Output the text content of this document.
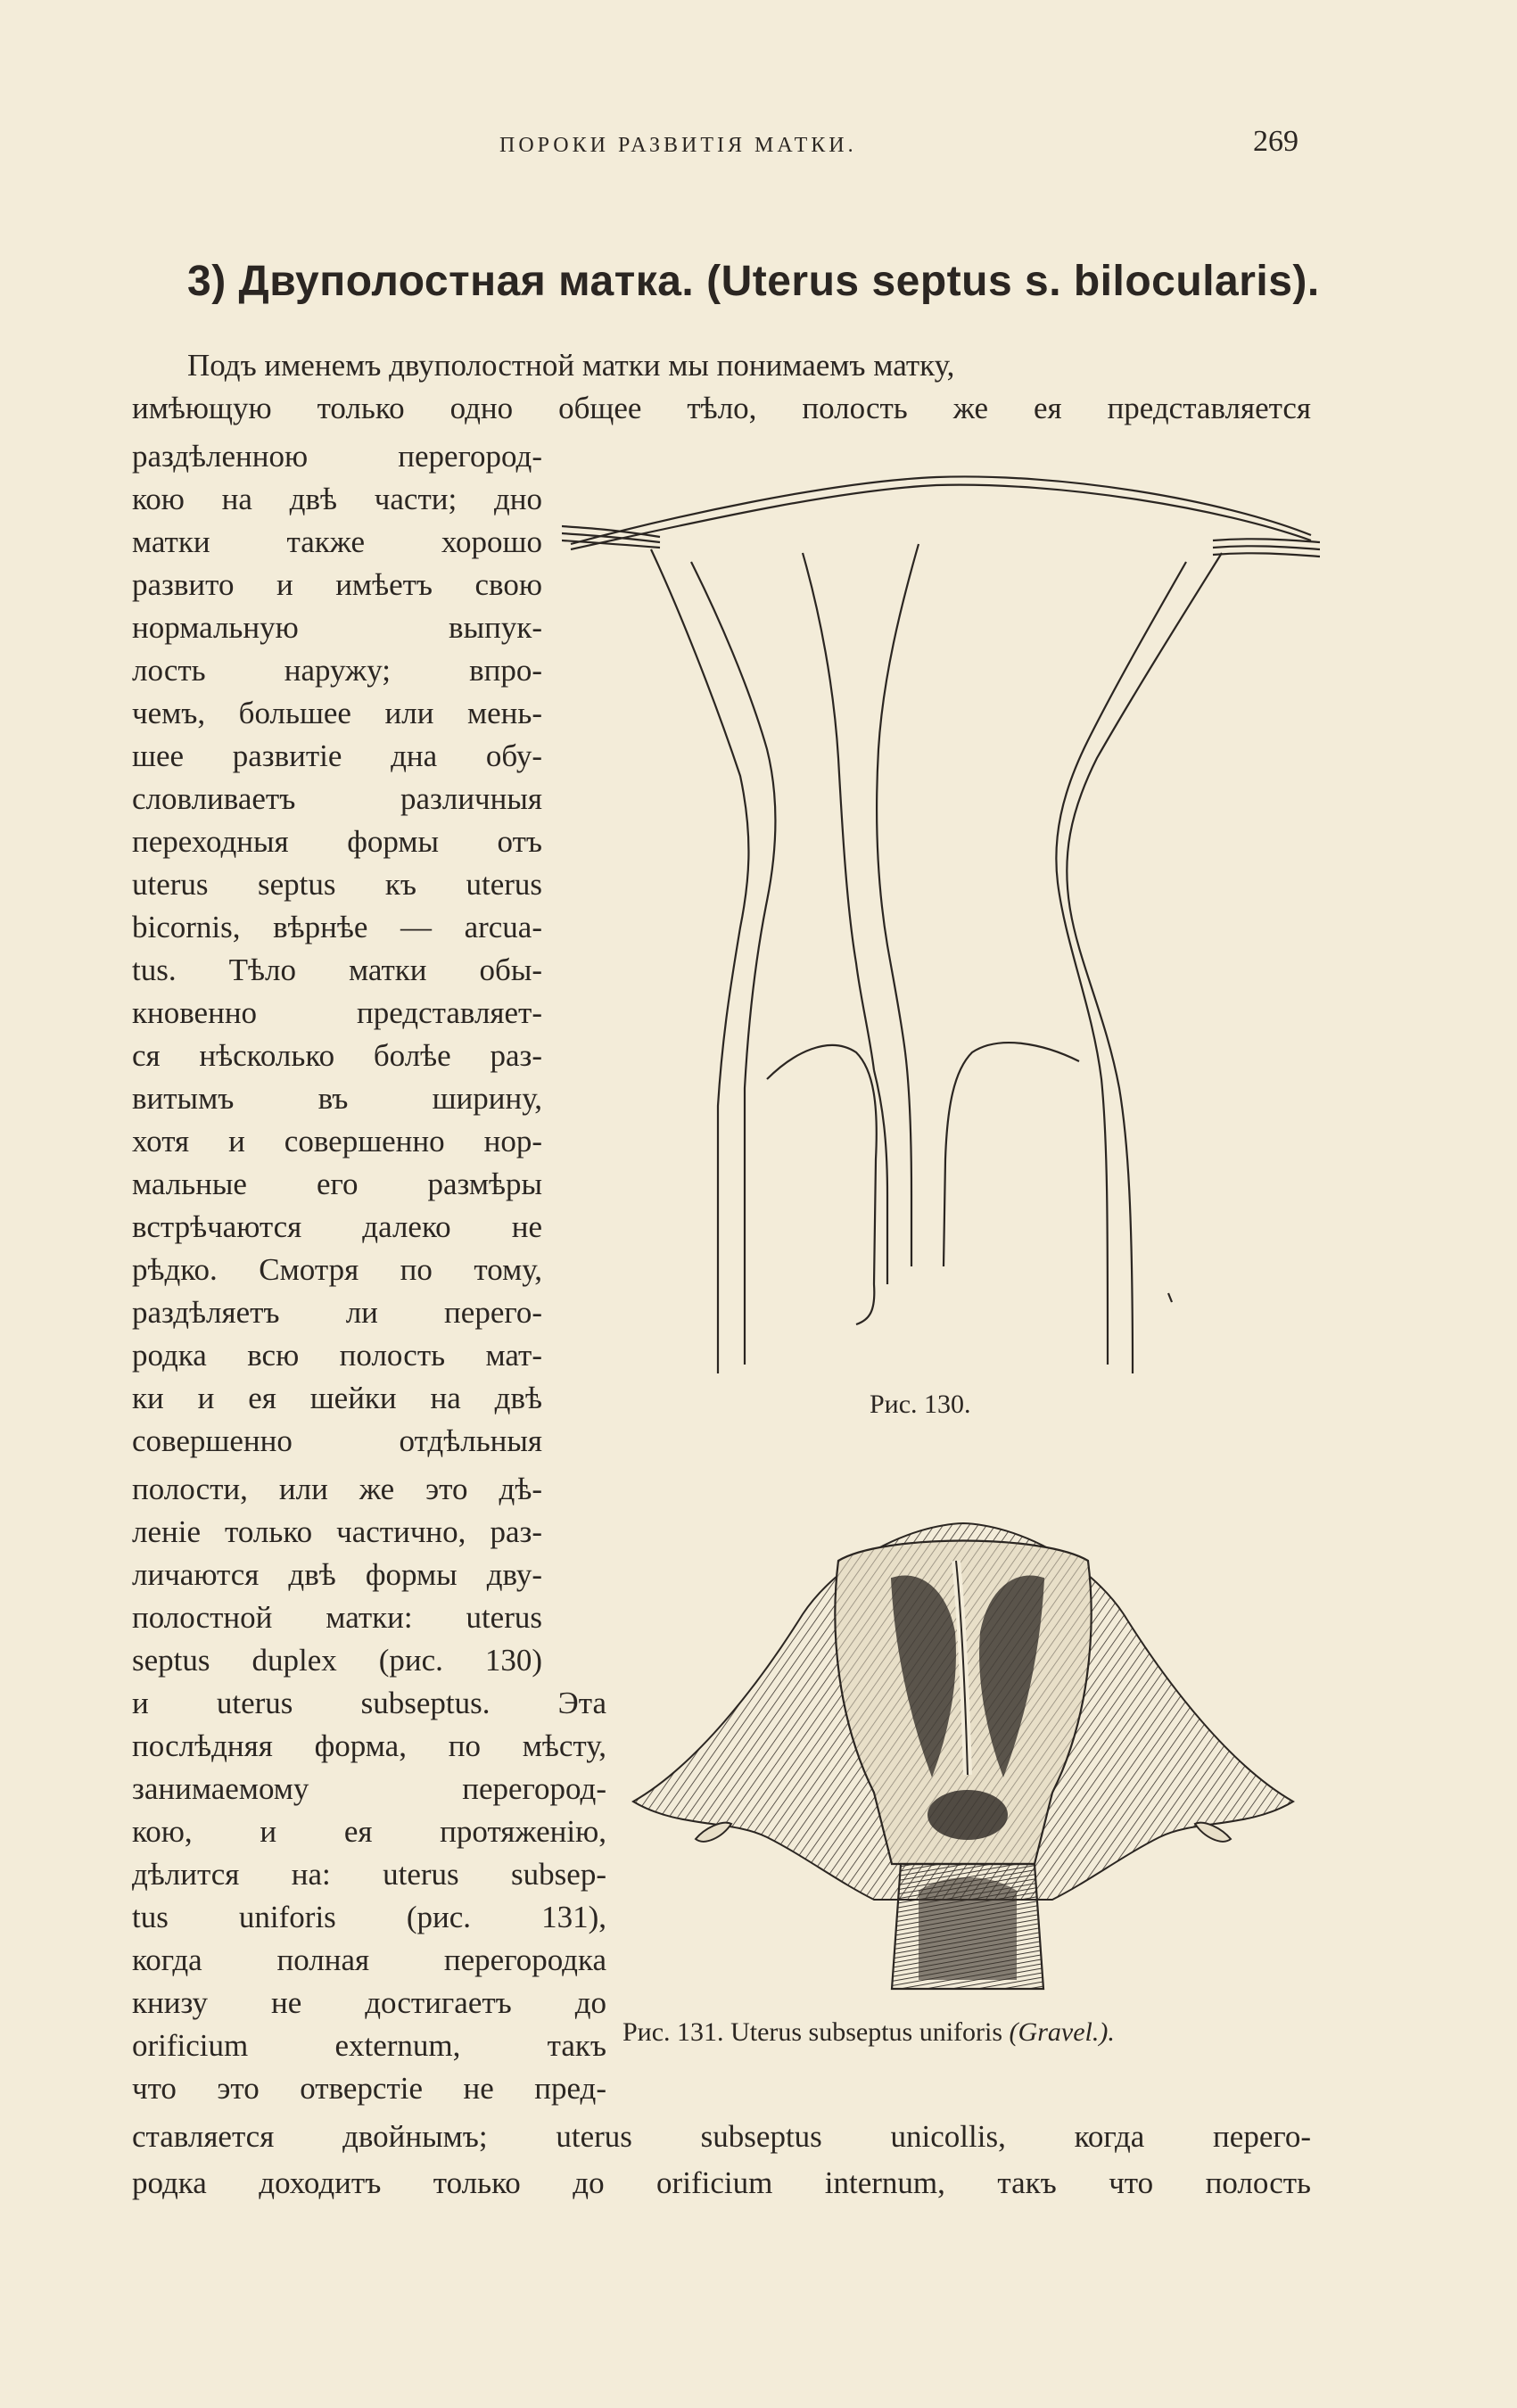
ПОРОКИ РАЗВИТІЯ МАТКИ.	269
3) Двуполостная матка. (Uterus septus s. bilocularis).
Подъ именемъ двуполостной матки мы понимаемъ матку,
имѣющую только одно общее тѣло, полость же ея представляется
раздѣленною перегород-
кою на двѣ части; дно
матки также хорошо
развито и имѣетъ свою
нормальную выпук-
лость наружу; впро-
чемъ, большее или мень-
шее развитіе дна обу-
словливаетъ различныя
переходныя формы отъ
uterus septus къ uterus
bicornis, вѣрнѣе — arcua-
tus. Тѣло матки обы-
кновенно представляет-
ся нѣсколько болѣе раз-
витымъ въ ширину,
хотя и совершенно нор-
мальные его размѣры
встрѣчаются далеко не
рѣдко. Смотря по тому,
раздѣляетъ ли перего-
родка всю полость мат-
ки и ея шейки на двѣ
совершенно отдѣльныя
полости, или же это дѣ-
леніе только частично, раз-
личаются двѣ формы дву-
полостной матки: uterus
septus duplex (рис. 130)
и uterus subseptus. Эта
послѣдняя форма, по мѣсту,
занимаемому перегород-
кою, и ея протяженію,
дѣлится на: uterus subsep-
tus uniforis (рис. 131),
когда полная перегородка
книзу не достигаетъ до
orificium externum, такъ
что это отверстіе не пред-
ставляется двойнымъ; uterus subseptus unicollis, когда перего-
родка доходитъ только до orificium internum, такъ что полость
Рис. 130.
Рис. 131. Uterus subseptus uniforis (Gravel.).
